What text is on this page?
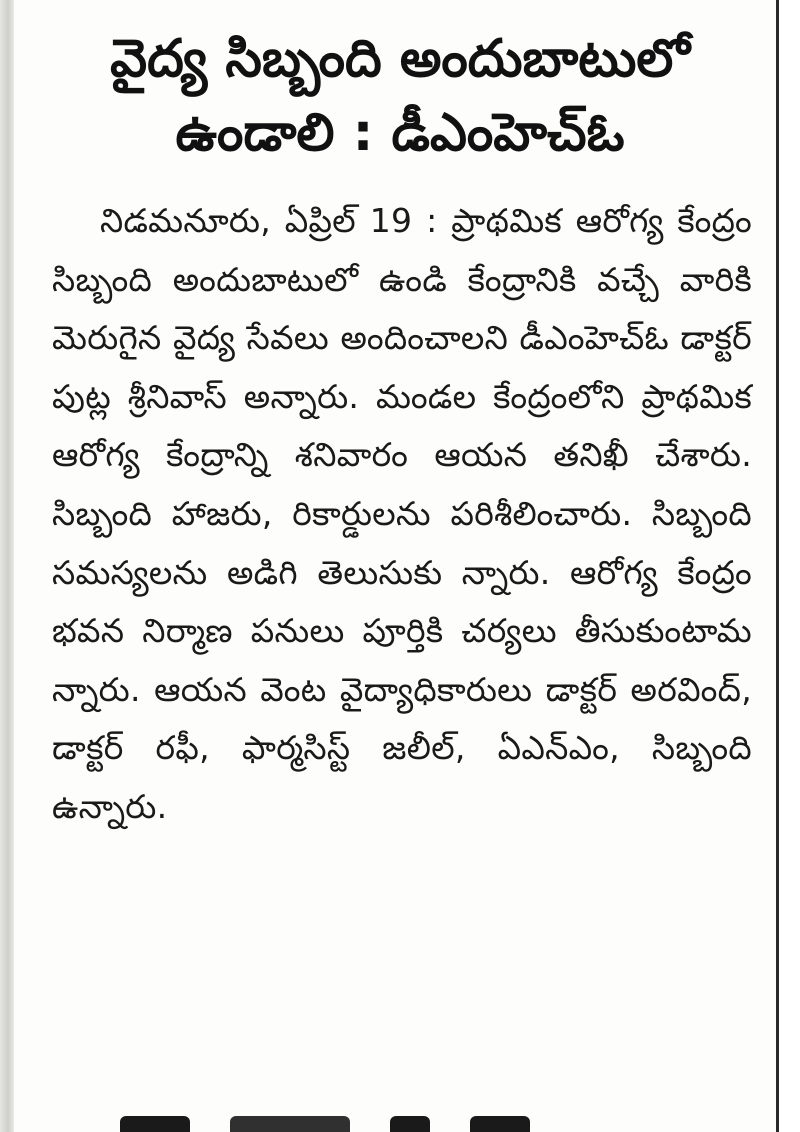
వైద్య సిబ్బంది అందుబాటులో ఉండాలి : డీఎంహెచ్ఓ

నిడమనూరు, ఏప్రిల్ 19 : ప్రాథమిక ఆరోగ్య కేంద్రం సిబ్బంది అందుబాటులో ఉండి కేంద్రానికి వచ్చే వారికి మెరుగైన వైద్య సేవలు అందించాలని డీఎంహెచ్ఓ డాక్టర్ పుట్ల శ్రీనివాస్ అన్నారు. మండల కేంద్రంలోని ప్రాథమిక ఆరోగ్య కేంద్రాన్ని శనివారం ఆయన తనిఖీ చేశారు. సిబ్బంది హాజరు, రికార్డులను పరిశీలించారు. సిబ్బంది సమస్యలను అడిగి తెలుసుకు న్నారు. ఆరోగ్య కేంద్రం భవన నిర్మాణ పనులు పూర్తికి చర్యలు తీసుకుంటామ న్నారు. ఆయన వెంట వైద్యాధికారులు డాక్టర్ అరవింద్, డాక్టర్ రఫీ, ఫార్మసిస్ట్ జలీల్, ఏఎన్ఎం, సిబ్బంది ఉన్నారు.
